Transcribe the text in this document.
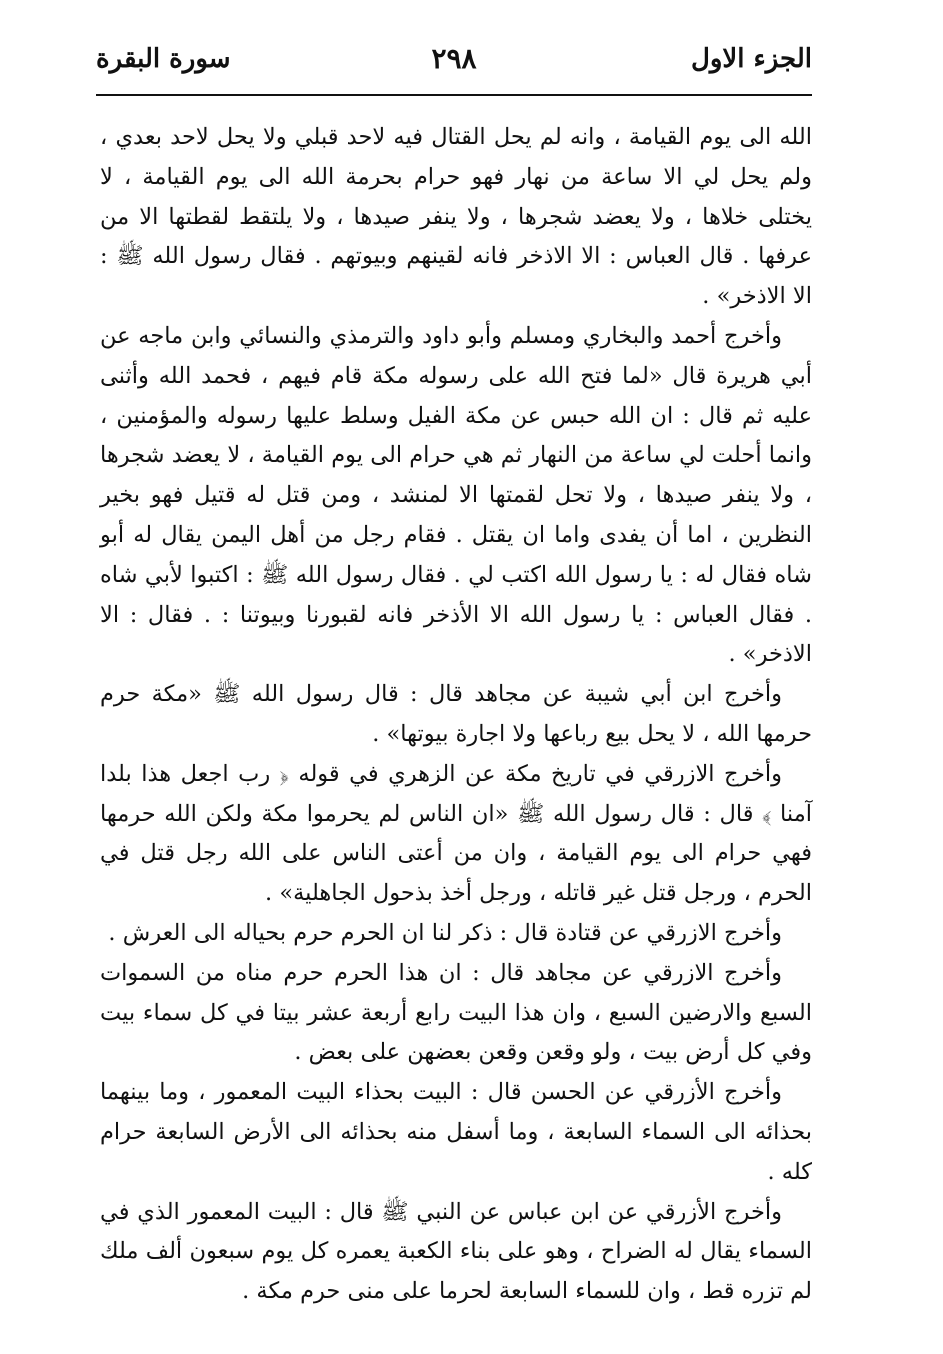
الجزء الاول
٢٩٨
سورة البقرة

الله الى يوم القيامة ، وانه لم يحل القتال فيه لاحد قبلي ولا يحل لاحد بعدي ، ولم يحل لي الا ساعة من نهار فهو حرام بحرمة الله الى يوم القيامة ، لا يختلى خلاها ، ولا يعضد شجرها ، ولا ينفر صيدها ، ولا يلتقط لقطتها الا من عرفها . قال العباس : الا الاذخر فانه لقينهم وبيوتهم . فقال رسول الله ﷺ : الا الاذخر» .

وأخرج أحمد والبخاري ومسلم وأبو داود والترمذي والنسائي وابن ماجه عن أبي هريرة قال «لما فتح الله على رسوله مكة قام فيهم ، فحمد الله وأثنى عليه ثم قال : ان الله حبس عن مكة الفيل وسلط عليها رسوله والمؤمنين ، وانما أحلت لي ساعة من النهار ثم هي حرام الى يوم القيامة ، لا يعضد شجرها ، ولا ينفر صيدها ، ولا تحل لقمتها الا لمنشد ، ومن قتل له قتيل فهو بخير النظرين ، اما أن يفدى واما ان يقتل . فقام رجل من أهل اليمن يقال له أبو شاه فقال له : يا رسول الله اكتب لي . فقال رسول الله ﷺ : اكتبوا لأبي شاه . فقال العباس : يا رسول الله الا الأذخر فانه لقبورنا وبيوتنا : . فقال : الا الاذخر» .

وأخرج ابن أبي شيبة عن مجاهد قال : قال رسول الله ﷺ «مكة حرم حرمها الله ، لا يحل بيع رباعها ولا اجارة بيوتها» .

وأخرج الازرقي في تاريخ مكة عن الزهري في قوله ﴿ رب اجعل هذا بلدا آمنا ﴾ قال : قال رسول الله ﷺ «ان الناس لم يحرموا مكة ولكن الله حرمها فهي حرام الى يوم القيامة ، وان من أعتى الناس على الله رجل قتل في الحرم ، ورجل قتل غير قاتله ، ورجل أخذ بذحول الجاهلية» .

وأخرج الازرقي عن قتادة قال : ذكر لنا ان الحرم حرم بحياله الى العرش .

وأخرج الازرقي عن مجاهد قال : ان هذا الحرم حرم مناه من السموات السبع والارضين السبع ، وان هذا البيت رابع أربعة عشر بيتا في كل سماء بيت وفي كل أرض بيت ، ولو وقعن وقعن بعضهن على بعض .

وأخرج الأزرقي عن الحسن قال : البيت بحذاء البيت المعمور ، وما بينهما بحذائه الى السماء السابعة ، وما أسفل منه بحذائه الى الأرض السابعة حرام كله .

وأخرج الأزرقي عن ابن عباس عن النبي ﷺ قال : البيت المعمور الذي في السماء يقال له الضراح ، وهو على بناء الكعبة يعمره كل يوم سبعون ألف ملك لم تزره قط ، وان للسماء السابعة لحرما على منى حرم مكة .
